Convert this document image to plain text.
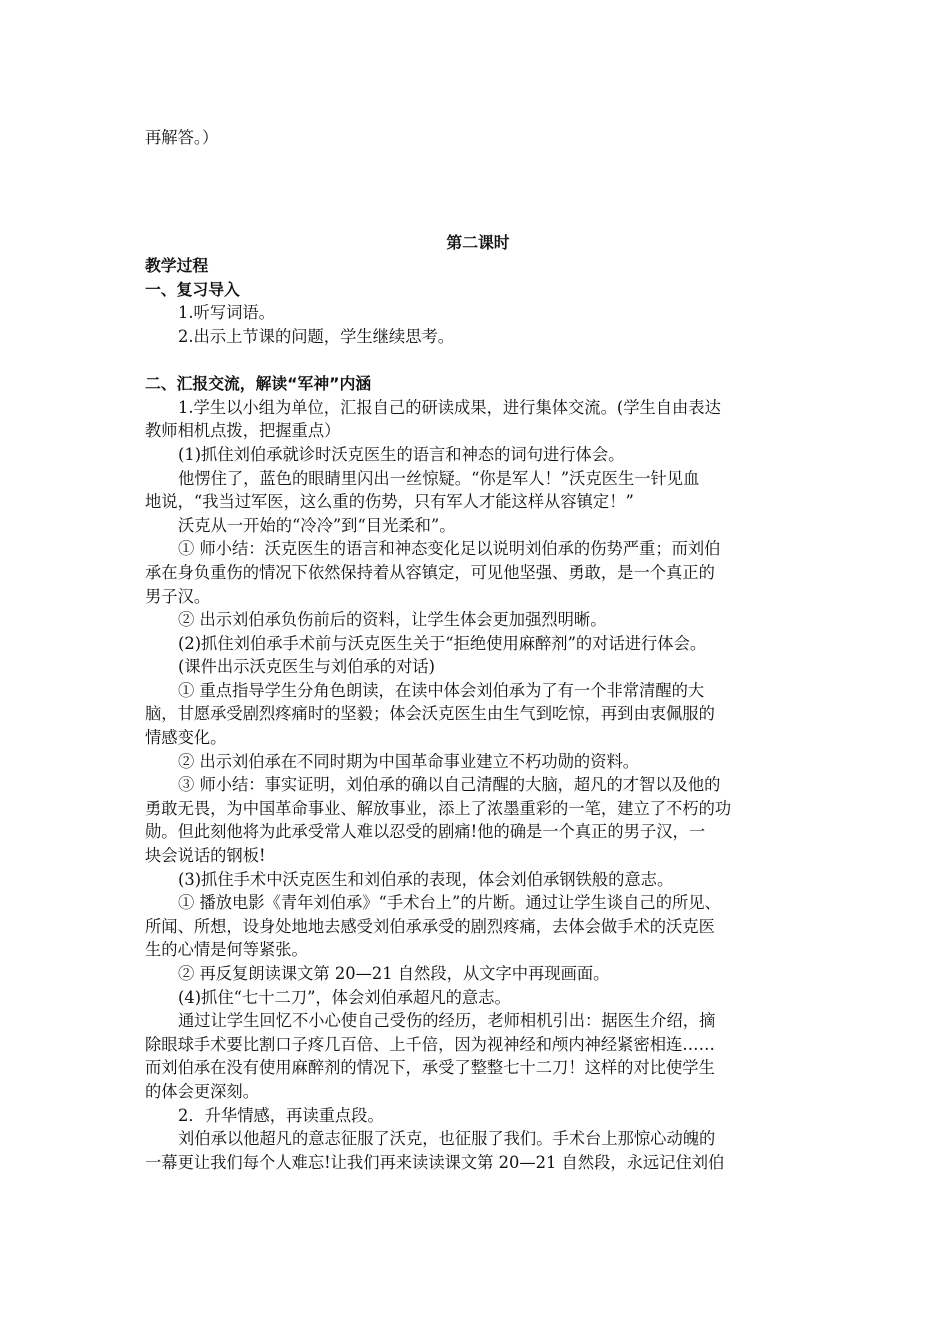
再解答。）
第二课时
教学过程
一、复习导入
1.听写词语。
2.出示上节课的问题，学生继续思考。
二、汇报交流，解读“军神”内涵
1.学生以小组为单位，汇报自己的研读成果，进行集体交流。(学生自由表达
教师相机点拨，把握重点）
(1)抓住刘伯承就诊时沃克医生的语言和神态的词句进行体会。
他愣住了，蓝色的眼睛里闪出一丝惊疑。“你是军人！”沃克医生一针见血
地说，“我当过军医，这么重的伤势，只有军人才能这样从容镇定！”
沃克从一开始的“冷冷”到“目光柔和”。
① 师小结：沃克医生的语言和神态变化足以说明刘伯承的伤势严重；而刘伯
承在身负重伤的情况下依然保持着从容镇定，可见他坚强、勇敢，是一个真正的
男子汉。
② 出示刘伯承负伤前后的资料，让学生体会更加强烈明晰。
(2)抓住刘伯承手术前与沃克医生关于“拒绝使用麻醉剂”的对话进行体会。
(课件出示沃克医生与刘伯承的对话)
① 重点指导学生分角色朗读，在读中体会刘伯承为了有一个非常清醒的大
脑，甘愿承受剧烈疼痛时的坚毅；体会沃克医生由生气到吃惊，再到由衷佩服的
情感变化。
② 出示刘伯承在不同时期为中国革命事业建立不朽功勋的资料。
③ 师小结：事实证明，刘伯承的确以自己清醒的大脑，超凡的才智以及他的
勇敢无畏，为中国革命事业、解放事业，添上了浓墨重彩的一笔，建立了不朽的功
勋。但此刻他将为此承受常人难以忍受的剧痛!他的确是一个真正的男子汉，一
块会说话的钢板!
(3)抓住手术中沃克医生和刘伯承的表现，体会刘伯承钢铁般的意志。
① 播放电影《青年刘伯承》“手术台上”的片断。通过让学生谈自己的所见、
所闻、所想，设身处地地去感受刘伯承承受的剧烈疼痛，去体会做手术的沃克医
生的心情是何等紧张。
② 再反复朗读课文第 20—21 自然段，从文字中再现画面。
(4)抓住“七十二刀”，体会刘伯承超凡的意志。
通过让学生回忆不小心使自己受伤的经历，老师相机引出：据医生介绍，摘
除眼球手术要比割口子疼几百倍、上千倍，因为视神经和颅内神经紧密相连……
而刘伯承在没有使用麻醉剂的情况下，承受了整整七十二刀！这样的对比使学生
的体会更深刻。
2．升华情感，再读重点段。
刘伯承以他超凡的意志征服了沃克，也征服了我们。手术台上那惊心动魄的
一幕更让我们每个人难忘!让我们再来读读课文第 20—21 自然段，永远记住刘伯
